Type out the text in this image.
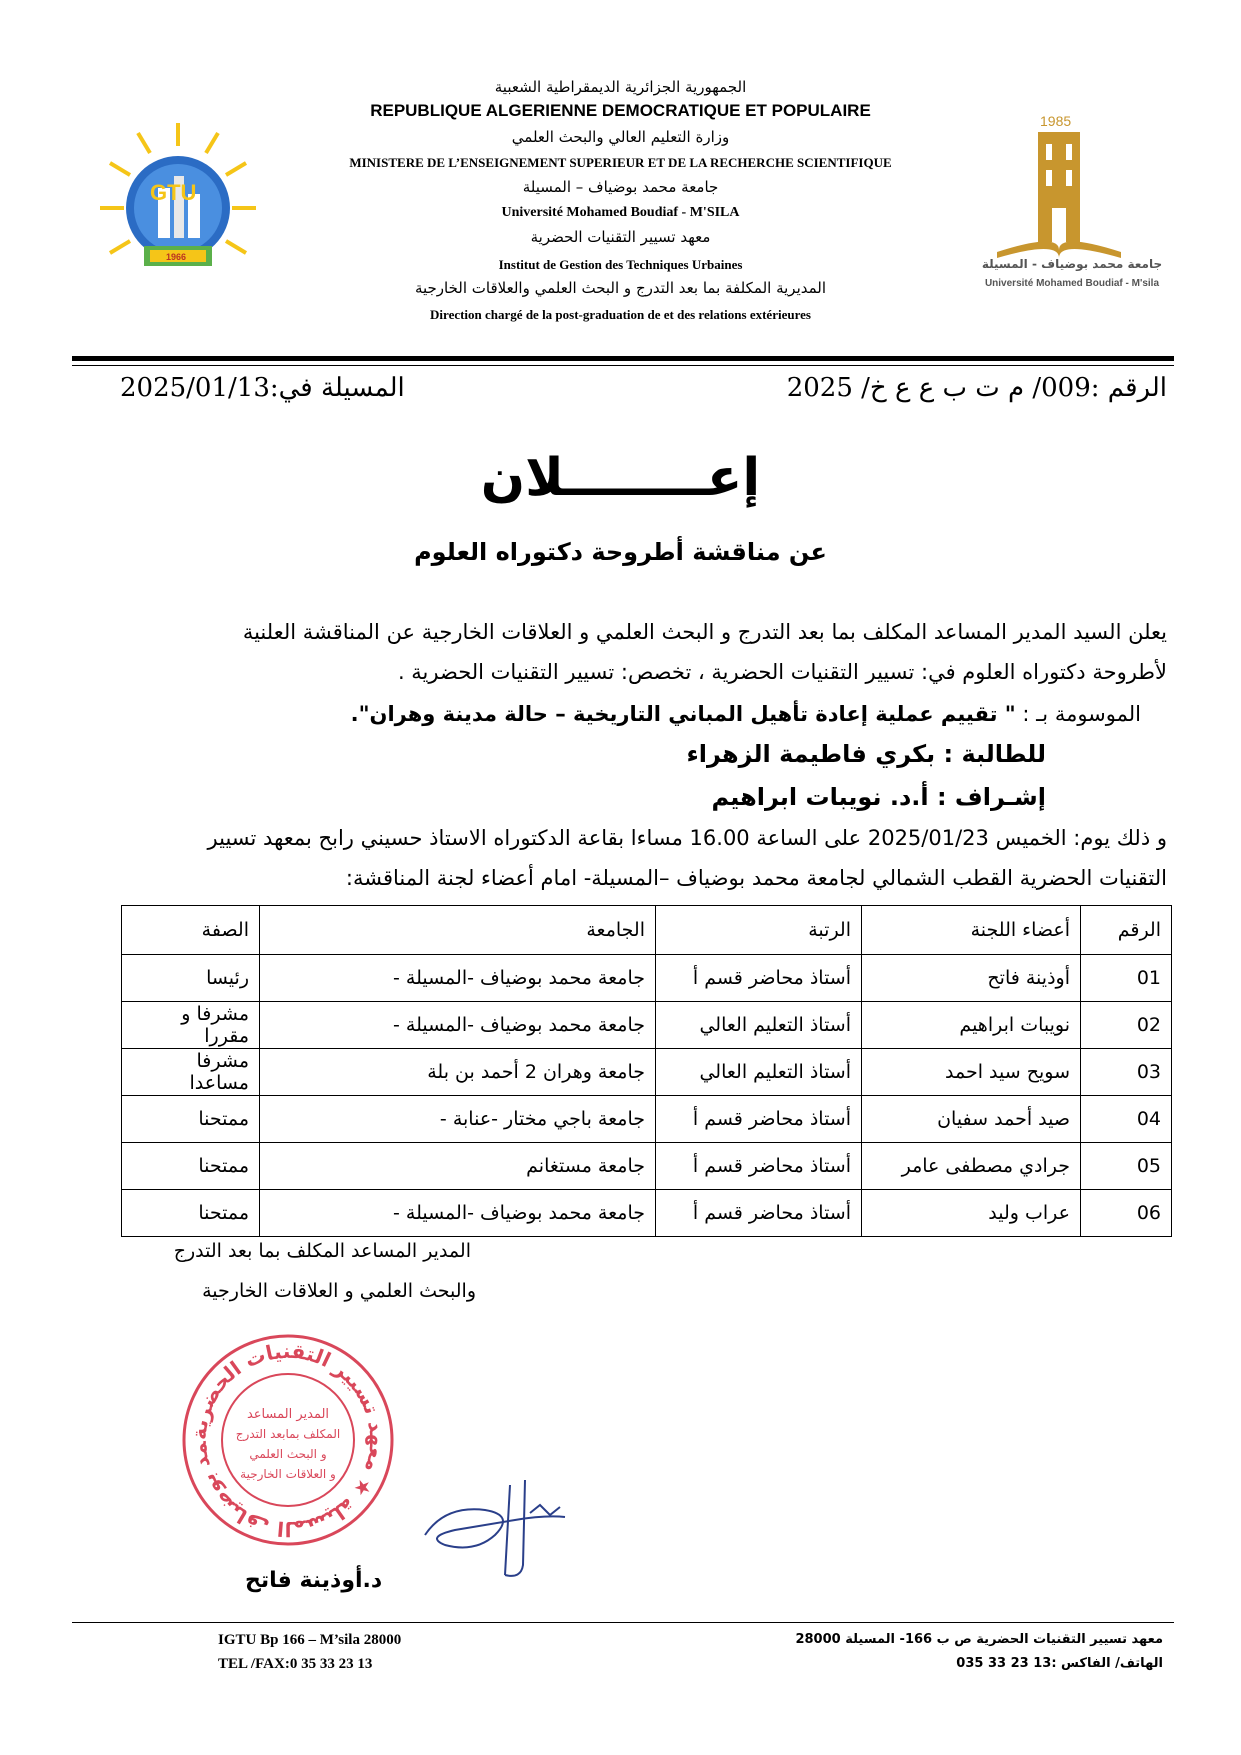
GTU
1966
1985
جامعة محمد بوضياف - المسيلة
Université Mohamed Boudiaf - M'sila
الجمهورية الجزائرية الديمقراطية الشعبية
REPUBLIQUE ALGERIENNE DEMOCRATIQUE ET POPULAIRE
وزارة التعليم العالي والبحث العلمي
MINISTERE DE L’ENSEIGNEMENT SUPERIEUR ET DE LA RECHERCHE SCIENTIFIQUE
جامعة محمد بوضياف – المسيلة
Université Mohamed Boudiaf - M'SILA
معهد تسيير التقنيات الحضرية
Institut de Gestion des Techniques Urbaines
المديرية المكلفة بما بعد التدرج و البحث العلمي والعلاقات الخارجية
Direction chargé de la post-graduation de et des relations extérieures
الرقم :009/ م ت ب ع ع خ/ 2025
المسيلة في:2025/01/13
إعــــــــلان
عن مناقشة أطروحة دكتوراه العلوم
يعلن السيد المدير المساعد المكلف بما بعد التدرج و البحث العلمي و العلاقات الخارجية عن المناقشة العلنية
لأطروحة دكتوراه العلوم في: تسيير التقنيات الحضرية ، تخصص: تسيير التقنيات الحضرية .
الموسومة بـ : " تقييم عملية إعادة تأهيل المباني التاريخية – حالة مدينة وهران".
للطالبة : بكري فاطيمة الزهراء
إشـراف : أ.د. نويبات ابراهيم
و ذلك يوم: الخميس 2025/01/23 على الساعة 16.00 مساءا بقاعة الدكتوراه الاستاذ حسيني رابح بمعهد تسيير
التقنيات الحضرية القطب الشمالي لجامعة محمد بوضياف –المسيلة- امام أعضاء لجنة المناقشة:
الرقم	أعضاء اللجنة	الرتبة	الجامعة	الصفة
01	أوذينة فاتح	أستاذ محاضر قسم أ	جامعة محمد بوضياف -المسيلة -	رئيسا
02	نويبات ابراهيم	أستاذ التعليم العالي	جامعة محمد بوضياف -المسيلة -	مشرفا و مقررا
03	سويح سيد احمد	أستاذ التعليم العالي	جامعة وهران 2 أحمد بن بلة	مشرفا مساعدا
04	صيد أحمد سفيان	أستاذ محاضر قسم أ	جامعة باجي مختار -عنابة -	ممتحنا
05	جرادي مصطفى عامر	أستاذ محاضر قسم أ	جامعة مستغانم	ممتحنا
06	عراب وليد	أستاذ محاضر قسم أ	جامعة محمد بوضياف -المسيلة -	ممتحنا
المدير المساعد المكلف بما بعد التدرج
والبحث العلمي و العلاقات الخارجية
مد بوضياف المسيلة ★ معهد تسيير التقنيات الحضرية
المدير المساعد
المكلف بمابعد التدرج
و البحث العلمي
و العلاقات الخارجية
د.أوذينة فاتح
IGTU Bp 166 – M’sila 28000
TEL /FAX:0 35 33 23 13
معهد تسيير التقنيات الحضرية ص ب 166- المسيلة 28000
الهاتف/ الفاكس :13 23 33 035
